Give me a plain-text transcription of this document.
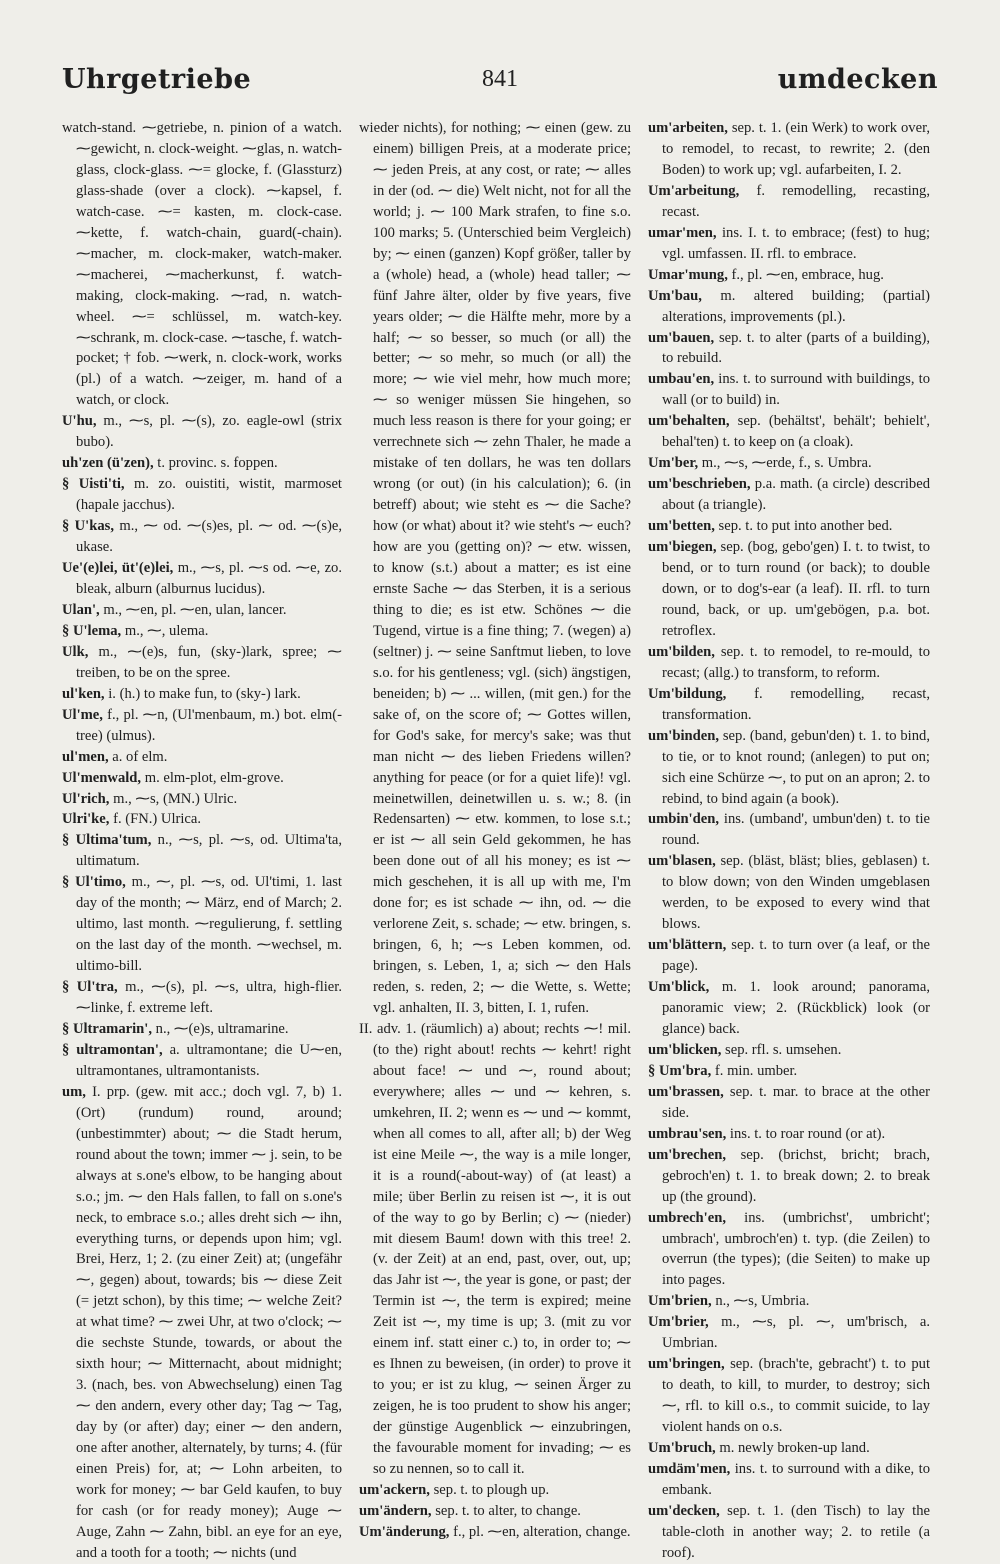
Uhrgetriebe	841	umdecken

watch-stand. ⁓getriebe, n. pinion of a watch. ⁓gewicht, n. clock-weight. ⁓glas, n. watch-glass, clock-glass. ⁓= glocke, f. (Glassturz) glass-shade (over a clock). ⁓kapsel, f. watch-case. ⁓= kasten, m. clock-case. ⁓kette, f. watch-chain, guard(-chain). ⁓macher, m. clock-maker, watch-maker. ⁓macherei, ⁓macherkunst, f. watch-making, clock-making. ⁓rad, n. watch-wheel. ⁓= schlüssel, m. watch-key. ⁓schrank, m. clock-case. ⁓tasche, f. watch-pocket; † fob. ⁓werk, n. clock-work, works (pl.) of a watch. ⁓zeiger, m. hand of a watch, or clock.

U'hu, m., ⁓s, pl. ⁓(s), zo. eagle-owl (strix bubo).

uh'zen (ü'zen), t. provinc. s. foppen.

§ Uisti'ti, m. zo. ouistiti, wistit, marmoset (hapale jacchus).

§ U'kas, m., ⁓ od. ⁓(s)es, pl. ⁓ od. ⁓(s)e, ukase.

Ue'(e)lei, üt'(e)lei, m., ⁓s, pl. ⁓s od. ⁓e, zo. bleak, alburn (alburnus lucidus).

Ulan', m., ⁓en, pl. ⁓en, ulan, lancer.

§ U'lema, m., ⁓, ulema.

Ulk, m., ⁓(e)s, fun, (sky-)lark, spree; ⁓ treiben, to be on the spree.

ul'ken, i. (h.) to make fun, to (sky-) lark.

Ul'me, f., pl. ⁓n, (Ul'menbaum, m.) bot. elm(-tree) (ulmus).

ul'men, a. of elm.

Ul'menwald, m. elm-plot, elm-grove.

Ul'rich, m., ⁓s, (MN.) Ulric.

Ulri'ke, f. (FN.) Ulrica.

§ Ultima'tum, n., ⁓s, pl. ⁓s, od. Ultima'ta, ultimatum.

§ Ul'timo, m., ⁓, pl. ⁓s, od. Ul'timi, 1. last day of the month; ⁓ März, end of March; 2. ultimo, last month. ⁓regulierung, f. settling on the last day of the month. ⁓wechsel, m. ultimo-bill.

§ Ul'tra, m., ⁓(s), pl. ⁓s, ultra, high-flier. ⁓linke, f. extreme left.

§ Ultramarin', n., ⁓(e)s, ultramarine.

§ ultramontan', a. ultramontane; die U⁓en, ultramontanes, ultramontanists.

um, I. prp. (gew. mit acc.; doch vgl. 7, b) 1. (Ort) (rundum) round, around; (unbestimmter) about; ⁓ die Stadt herum, round about the town; immer ⁓ j. sein, to be always at s.one's elbow, to be hanging about s.o.; jm. ⁓ den Hals fallen, to fall on s.one's neck, to embrace s.o.; alles dreht sich ⁓ ihn, everything turns, or depends upon him; vgl. Brei, Herz, 1; 2. (zu einer Zeit) at; (ungefähr ⁓, gegen) about, towards; bis ⁓ diese Zeit (= jetzt schon), by this time; ⁓ welche Zeit? at what time? ⁓ zwei Uhr, at two o'clock; ⁓ die sechste Stunde, towards, or about the sixth hour; ⁓ Mitternacht, about midnight; 3. (nach, bes. von Abwechselung) einen Tag ⁓ den andern, every other day; Tag ⁓ Tag, day by (or after) day; einer ⁓ den andern, one after another, alternately, by turns; 4. (für einen Preis) for, at; ⁓ Lohn arbeiten, to work for money; ⁓ bar Geld kaufen, to buy for cash (or for ready money); Auge ⁓ Auge, Zahn ⁓ Zahn, bibl. an eye for an eye, and a tooth for a tooth; ⁓ nichts (und

wieder nichts), for nothing; ⁓ einen (gew. zu einem) billigen Preis, at a moderate price; ⁓ jeden Preis, at any cost, or rate; ⁓ alles in der (od. ⁓ die) Welt nicht, not for all the world; j. ⁓ 100 Mark strafen, to fine s.o. 100 marks; 5. (Unterschied beim Vergleich) by; ⁓ einen (ganzen) Kopf größer, taller by a (whole) head, a (whole) head taller; ⁓ fünf Jahre älter, older by five years, five years older; ⁓ die Hälfte mehr, more by a half; ⁓ so besser, so much (or all) the better; ⁓ so mehr, so much (or all) the more; ⁓ wie viel mehr, how much more; ⁓ so weniger müssen Sie hingehen, so much less reason is there for your going; er verrechnete sich ⁓ zehn Thaler, he made a mistake of ten dollars, he was ten dollars wrong (or out) (in his calculation); 6. (in betreff) about; wie steht es ⁓ die Sache? how (or what) about it? wie steht's ⁓ euch? how are you (getting on)? ⁓ etw. wissen, to know (s.t.) about a matter; es ist eine ernste Sache ⁓ das Sterben, it is a serious thing to die; es ist etw. Schönes ⁓ die Tugend, virtue is a fine thing; 7. (wegen) a) (seltner) j. ⁓ seine Sanftmut lieben, to love s.o. for his gentleness; vgl. (sich) ängstigen, beneiden; b) ⁓ ... willen, (mit gen.) for the sake of, on the score of; ⁓ Gottes willen, for God's sake, for mercy's sake; was thut man nicht ⁓ des lieben Friedens willen? anything for peace (or for a quiet life)! vgl. meinetwillen, deinetwillen u. s. w.; 8. (in Redensarten) ⁓ etw. kommen, to lose s.t.; er ist ⁓ all sein Geld gekommen, he has been done out of all his money; es ist ⁓ mich geschehen, it is all up with me, I'm done for; es ist schade ⁓ ihn, od. ⁓ die verlorene Zeit, s. schade; ⁓ etw. bringen, s. bringen, 6, h; ⁓s Leben kommen, od. bringen, s. Leben, 1, a; sich ⁓ den Hals reden, s. reden, 2; ⁓ die Wette, s. Wette; vgl. anhalten, II. 3, bitten, I. 1, rufen.

II. adv. 1. (räumlich) a) about; rechts ⁓! mil. (to the) right about! rechts ⁓ kehrt! right about face! ⁓ und ⁓, round about; everywhere; alles ⁓ und ⁓ kehren, s. umkehren, II. 2; wenn es ⁓ und ⁓ kommt, when all comes to all, after all; b) der Weg ist eine Meile ⁓, the way is a mile longer, it is a round(-about-way) of (at least) a mile; über Berlin zu reisen ist ⁓, it is out of the way to go by Berlin; c) ⁓ (nieder) mit diesem Baum! down with this tree! 2. (v. der Zeit) at an end, past, over, out, up; das Jahr ist ⁓, the year is gone, or past; der Termin ist ⁓, the term is expired; meine Zeit ist ⁓, my time is up; 3. (mit zu vor einem inf. statt einer c.) to, in order to; ⁓ es Ihnen zu beweisen, (in order) to prove it to you; er ist zu klug, ⁓ seinen Ärger zu zeigen, he is too prudent to show his anger; der günstige Augenblick ⁓ einzubringen, the favourable moment for invading; ⁓ es so zu nennen, so to call it.

um'ackern, sep. t. to plough up.

um'ändern, sep. t. to alter, to change.

Um'änderung, f., pl. ⁓en, alteration, change.

um'arbeiten, sep. t. 1. (ein Werk) to work over, to remodel, to recast, to rewrite; 2. (den Boden) to work up; vgl. aufarbeiten, I. 2.

Um'arbeitung, f. remodelling, recasting, recast.

umar'men, ins. I. t. to embrace; (fest) to hug; vgl. umfassen. II. rfl. to embrace.

Umar'mung, f., pl. ⁓en, embrace, hug.

Um'bau, m. altered building; (partial) alterations, improvements (pl.).

um'bauen, sep. t. to alter (parts of a building), to rebuild.

umbau'en, ins. t. to surround with buildings, to wall (or to build) in.

um'behalten, sep. (behältst', behält'; behielt', behal'ten) t. to keep on (a cloak).

Um'ber, m., ⁓s, ⁓erde, f., s. Umbra.

um'beschrieben, p.a. math. (a circle) described about (a triangle).

um'betten, sep. t. to put into another bed.

um'biegen, sep. (bog, gebo'gen) I. t. to twist, to bend, or to turn round (or back); to double down, or to dog's-ear (a leaf). II. rfl. to turn round, back, or up. um'gebögen, p.a. bot. retroflex.

um'bilden, sep. t. to remodel, to re-mould, to recast; (allg.) to transform, to reform.

Um'bildung, f. remodelling, recast, transformation.

um'binden, sep. (band, gebun'den) t. 1. to bind, to tie, or to knot round; (anlegen) to put on; sich eine Schürze ⁓, to put on an apron; 2. to rebind, to bind again (a book).

umbin'den, ins. (umband', umbun'den) t. to tie round.

um'blasen, sep. (bläst, bläst; blies, geblasen) t. to blow down; von den Winden umgeblasen werden, to be exposed to every wind that blows.

um'blättern, sep. t. to turn over (a leaf, or the page).

Um'blick, m. 1. look around; panorama, panoramic view; 2. (Rückblick) look (or glance) back.

um'blicken, sep. rfl. s. umsehen.

§ Um'bra, f. min. umber.

um'brassen, sep. t. mar. to brace at the other side.

umbrau'sen, ins. t. to roar round (or at).

um'brechen, sep. (brichst, bricht; brach, gebroch'en) t. 1. to break down; 2. to break up (the ground).

umbrech'en, ins. (umbrichst', umbricht'; umbrach', umbroch'en) t. typ. (die Zeilen) to overrun (the types); (die Seiten) to make up into pages.

Um'brien, n., ⁓s, Umbria.

Um'brier, m., ⁓s, pl. ⁓, um'brisch, a. Umbrian.

um'bringen, sep. (brach'te, gebracht') t. to put to death, to kill, to murder, to destroy; sich ⁓, rfl. to kill o.s., to commit suicide, to lay violent hands on o.s.

Um'bruch, m. newly broken-up land.

umdäm'men, ins. t. to surround with a dike, to embank.

um'decken, sep. t. 1. (den Tisch) to lay the table-cloth in another way; 2. to retile (a roof).
